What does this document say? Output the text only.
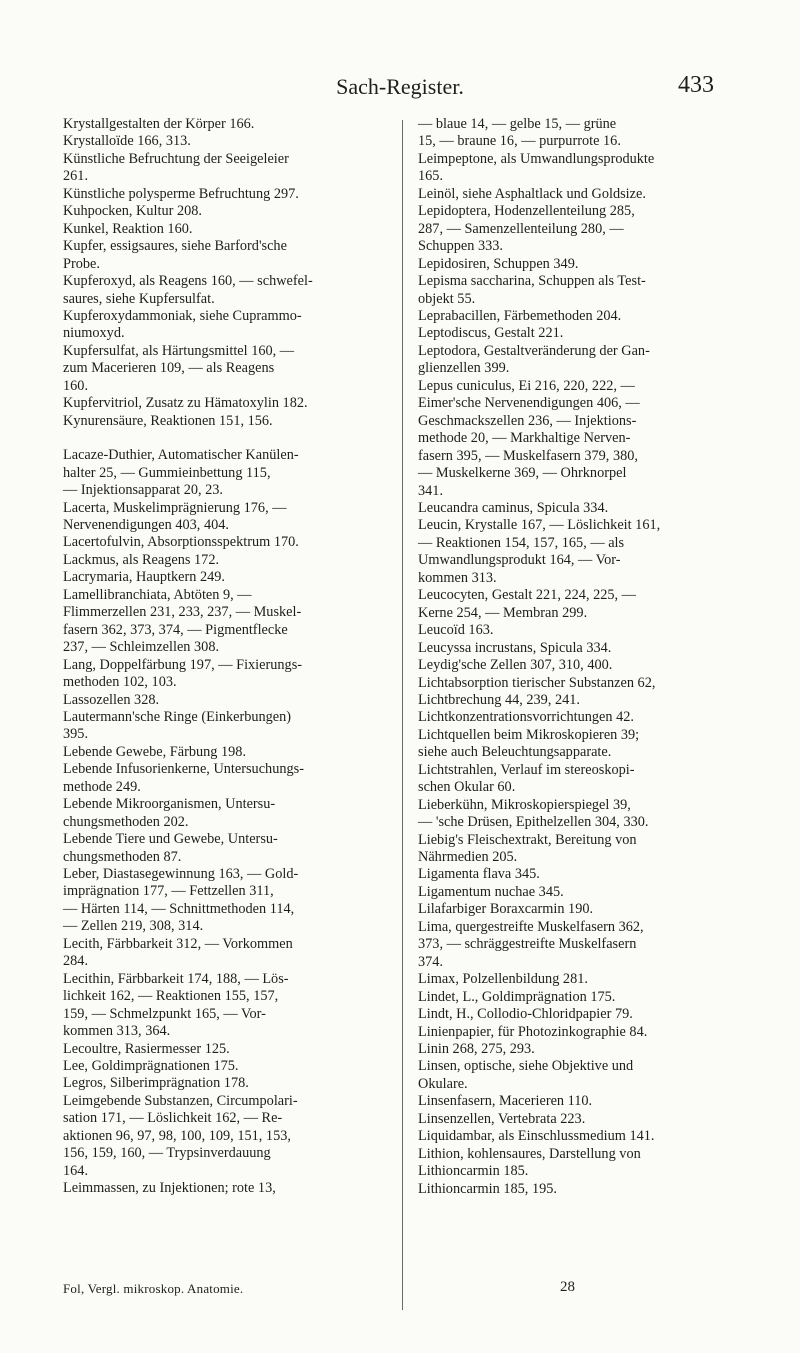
Sach-Register.	433
Krystallgestalten der Körper 166.
Krystalloïde 166, 313.
Künstliche Befruchtung der Seeigeleier
261.
Künstliche polysperme Befruchtung 297.
Kuhpocken, Kultur 208.
Kunkel, Reaktion 160.
Kupfer, essigsaures, siehe Barford'sche
Probe.
Kupferoxyd, als Reagens 160, — schwefel-
saures, siehe Kupfersulfat.
Kupferoxydammoniak, siehe Cuprammo-
niumoxyd.
Kupfersulfat, als Härtungsmittel 160, —
zum Macerieren 109, — als Reagens
160.
Kupfervitriol, Zusatz zu Hämatoxylin 182.
Kynurensäure, Reaktionen 151, 156.
Lacaze-Duthier, Automatischer Kanülen-
halter 25, — Gummieinbettung 115,
— Injektionsapparat 20, 23.
Lacerta, Muskelimprägnierung 176, —
Nervenendigungen 403, 404.
Lacertofulvin, Absorptionsspektrum 170.
Lackmus, als Reagens 172.
Lacrymaria, Hauptkern 249.
Lamellibranchiata, Abtöten 9, —
Flimmerzellen 231, 233, 237, — Muskel-
fasern 362, 373, 374, — Pigmentflecke
237, — Schleimzellen 308.
Lang, Doppelfärbung 197, — Fixierungs-
methoden 102, 103.
Lassozellen 328.
Lautermann'sche Ringe (Einkerbungen)
395.
Lebende Gewebe, Färbung 198.
Lebende Infusorienkerne, Untersuchungs-
methode 249.
Lebende Mikroorganismen, Untersu-
chungsmethoden 202.
Lebende Tiere und Gewebe, Untersu-
chungsmethoden 87.
Leber, Diastasegewinnung 163, — Gold-
imprägnation 177, — Fettzellen 311,
— Härten 114, — Schnittmethoden 114,
— Zellen 219, 308, 314.
Lecith, Färbbarkeit 312, — Vorkommen
284.
Lecithin, Färbbarkeit 174, 188, — Lös-
lichkeit 162, — Reaktionen 155, 157,
159, — Schmelzpunkt 165, — Vor-
kommen 313, 364.
Lecoultre, Rasiermesser 125.
Lee, Goldimprägnationen 175.
Legros, Silberimprägnation 178.
Leimgebende Substanzen, Circumpolari-
sation 171, — Löslichkeit 162, — Re-
aktionen 96, 97, 98, 100, 109, 151, 153,
156, 159, 160, — Trypsinverdauung
164.
Leimmassen, zu Injektionen; rote 13,
— blaue 14, — gelbe 15, — grüne
15, — braune 16, — purpurrote 16.
Leimpeptone, als Umwandlungsprodukte
165.
Leinöl, siehe Asphaltlack und Goldsize.
Lepidoptera, Hodenzellenteilung 285,
287, — Samenzellenteilung 280, —
Schuppen 333.
Lepidosiren, Schuppen 349.
Lepisma saccharina, Schuppen als Test-
objekt 55.
Leprabacillen, Färbemethoden 204.
Leptodiscus, Gestalt 221.
Leptodora, Gestaltveränderung der Gan-
glienzellen 399.
Lepus cuniculus, Ei 216, 220, 222, —
Eimer'sche Nervenendigungen 406, —
Geschmackszellen 236, — Injektions-
methode 20, — Markhaltige Nerven-
fasern 395, — Muskelfasern 379, 380,
— Muskelkerne 369, — Ohrknorpel
341.
Leucandra caminus, Spicula 334.
Leucin, Krystalle 167, — Löslichkeit 161,
— Reaktionen 154, 157, 165, — als
Umwandlungsprodukt 164, — Vor-
kommen 313.
Leucocyten, Gestalt 221, 224, 225, —
Kerne 254, — Membran 299.
Leucoïd 163.
Leucyssa incrustans, Spicula 334.
Leydig'sche Zellen 307, 310, 400.
Lichtabsorption tierischer Substanzen 62,
Lichtbrechung 44, 239, 241.
Lichtkonzentrationsvorrichtungen 42.
Lichtquellen beim Mikroskopieren 39;
siehe auch Beleuchtungsapparate.
Lichtstrahlen, Verlauf im stereoskopi-
schen Okular 60.
Lieberkühn, Mikroskopierspiegel 39,
— 'sche Drüsen, Epithelzellen 304, 330.
Liebig's Fleischextrakt, Bereitung von
Nährmedien 205.
Ligamenta flava 345.
Ligamentum nuchae 345.
Lilafarbiger Boraxcarmin 190.
Lima, quergestreifte Muskelfasern 362,
373, — schräggestreifte Muskelfasern
374.
Limax, Polzellenbildung 281.
Lindet, L., Goldimprägnation 175.
Lindt, H., Collodio-Chloridpapier 79.
Linienpapier, für Photozinkographie 84.
Linin 268, 275, 293.
Linsen, optische, siehe Objektive und
Okulare.
Linsenfasern, Macerieren 110.
Linsenzellen, Vertebrata 223.
Liquidambar, als Einschlussmedium 141.
Lithion, kohlensaures, Darstellung von
Lithioncarmin 185.
Lithioncarmin 185, 195.
Fol, Vergl. mikroskop. Anatomie.	28
